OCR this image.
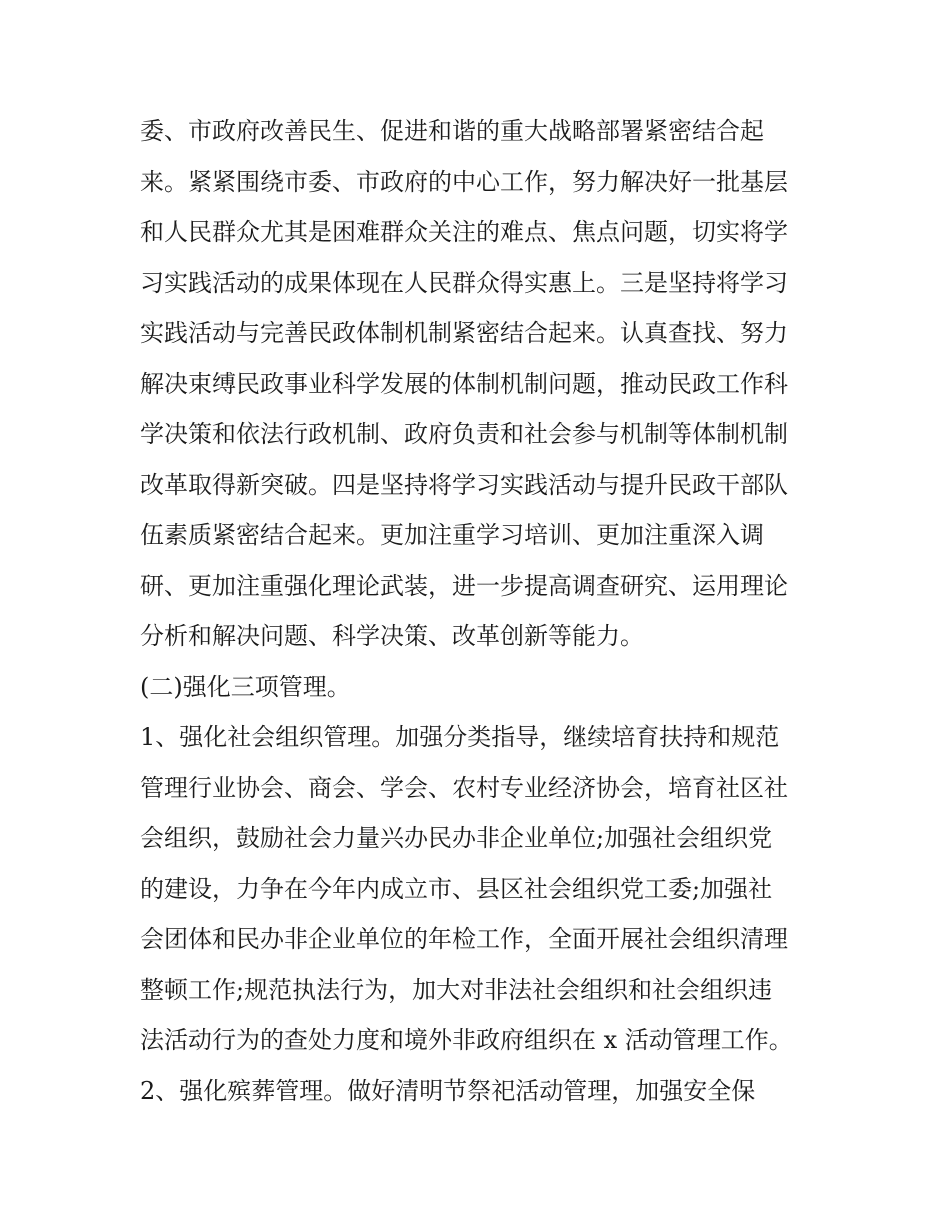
委、市政府改善民生、促进和谐的重大战略部署紧密结合起
来。紧紧围绕市委、市政府的中心工作，努力解决好一批基层
和人民群众尤其是困难群众关注的难点、焦点问题，切实将学
习实践活动的成果体现在人民群众得实惠上。三是坚持将学习
实践活动与完善民政体制机制紧密结合起来。认真查找、努力
解决束缚民政事业科学发展的体制机制问题，推动民政工作科
学决策和依法行政机制、政府负责和社会参与机制等体制机制
改革取得新突破。四是坚持将学习实践活动与提升民政干部队
伍素质紧密结合起来。更加注重学习培训、更加注重深入调
研、更加注重强化理论武装，进一步提高调查研究、运用理论
分析和解决问题、科学决策、改革创新等能力。
(二)强化三项管理。
1、强化社会组织管理。加强分类指导，继续培育扶持和规范
管理行业协会、商会、学会、农村专业经济协会，培育社区社
会组织，鼓励社会力量兴办民办非企业单位;加强社会组织党
的建设，力争在今年内成立市、县区社会组织党工委;加强社
会团体和民办非企业单位的年检工作，全面开展社会组织清理
整顿工作;规范执法行为，加大对非法社会组织和社会组织违
法活动行为的查处力度和境外非政府组织在 x 活动管理工作。
2、强化殡葬管理。做好清明节祭祀活动管理，加强安全保
